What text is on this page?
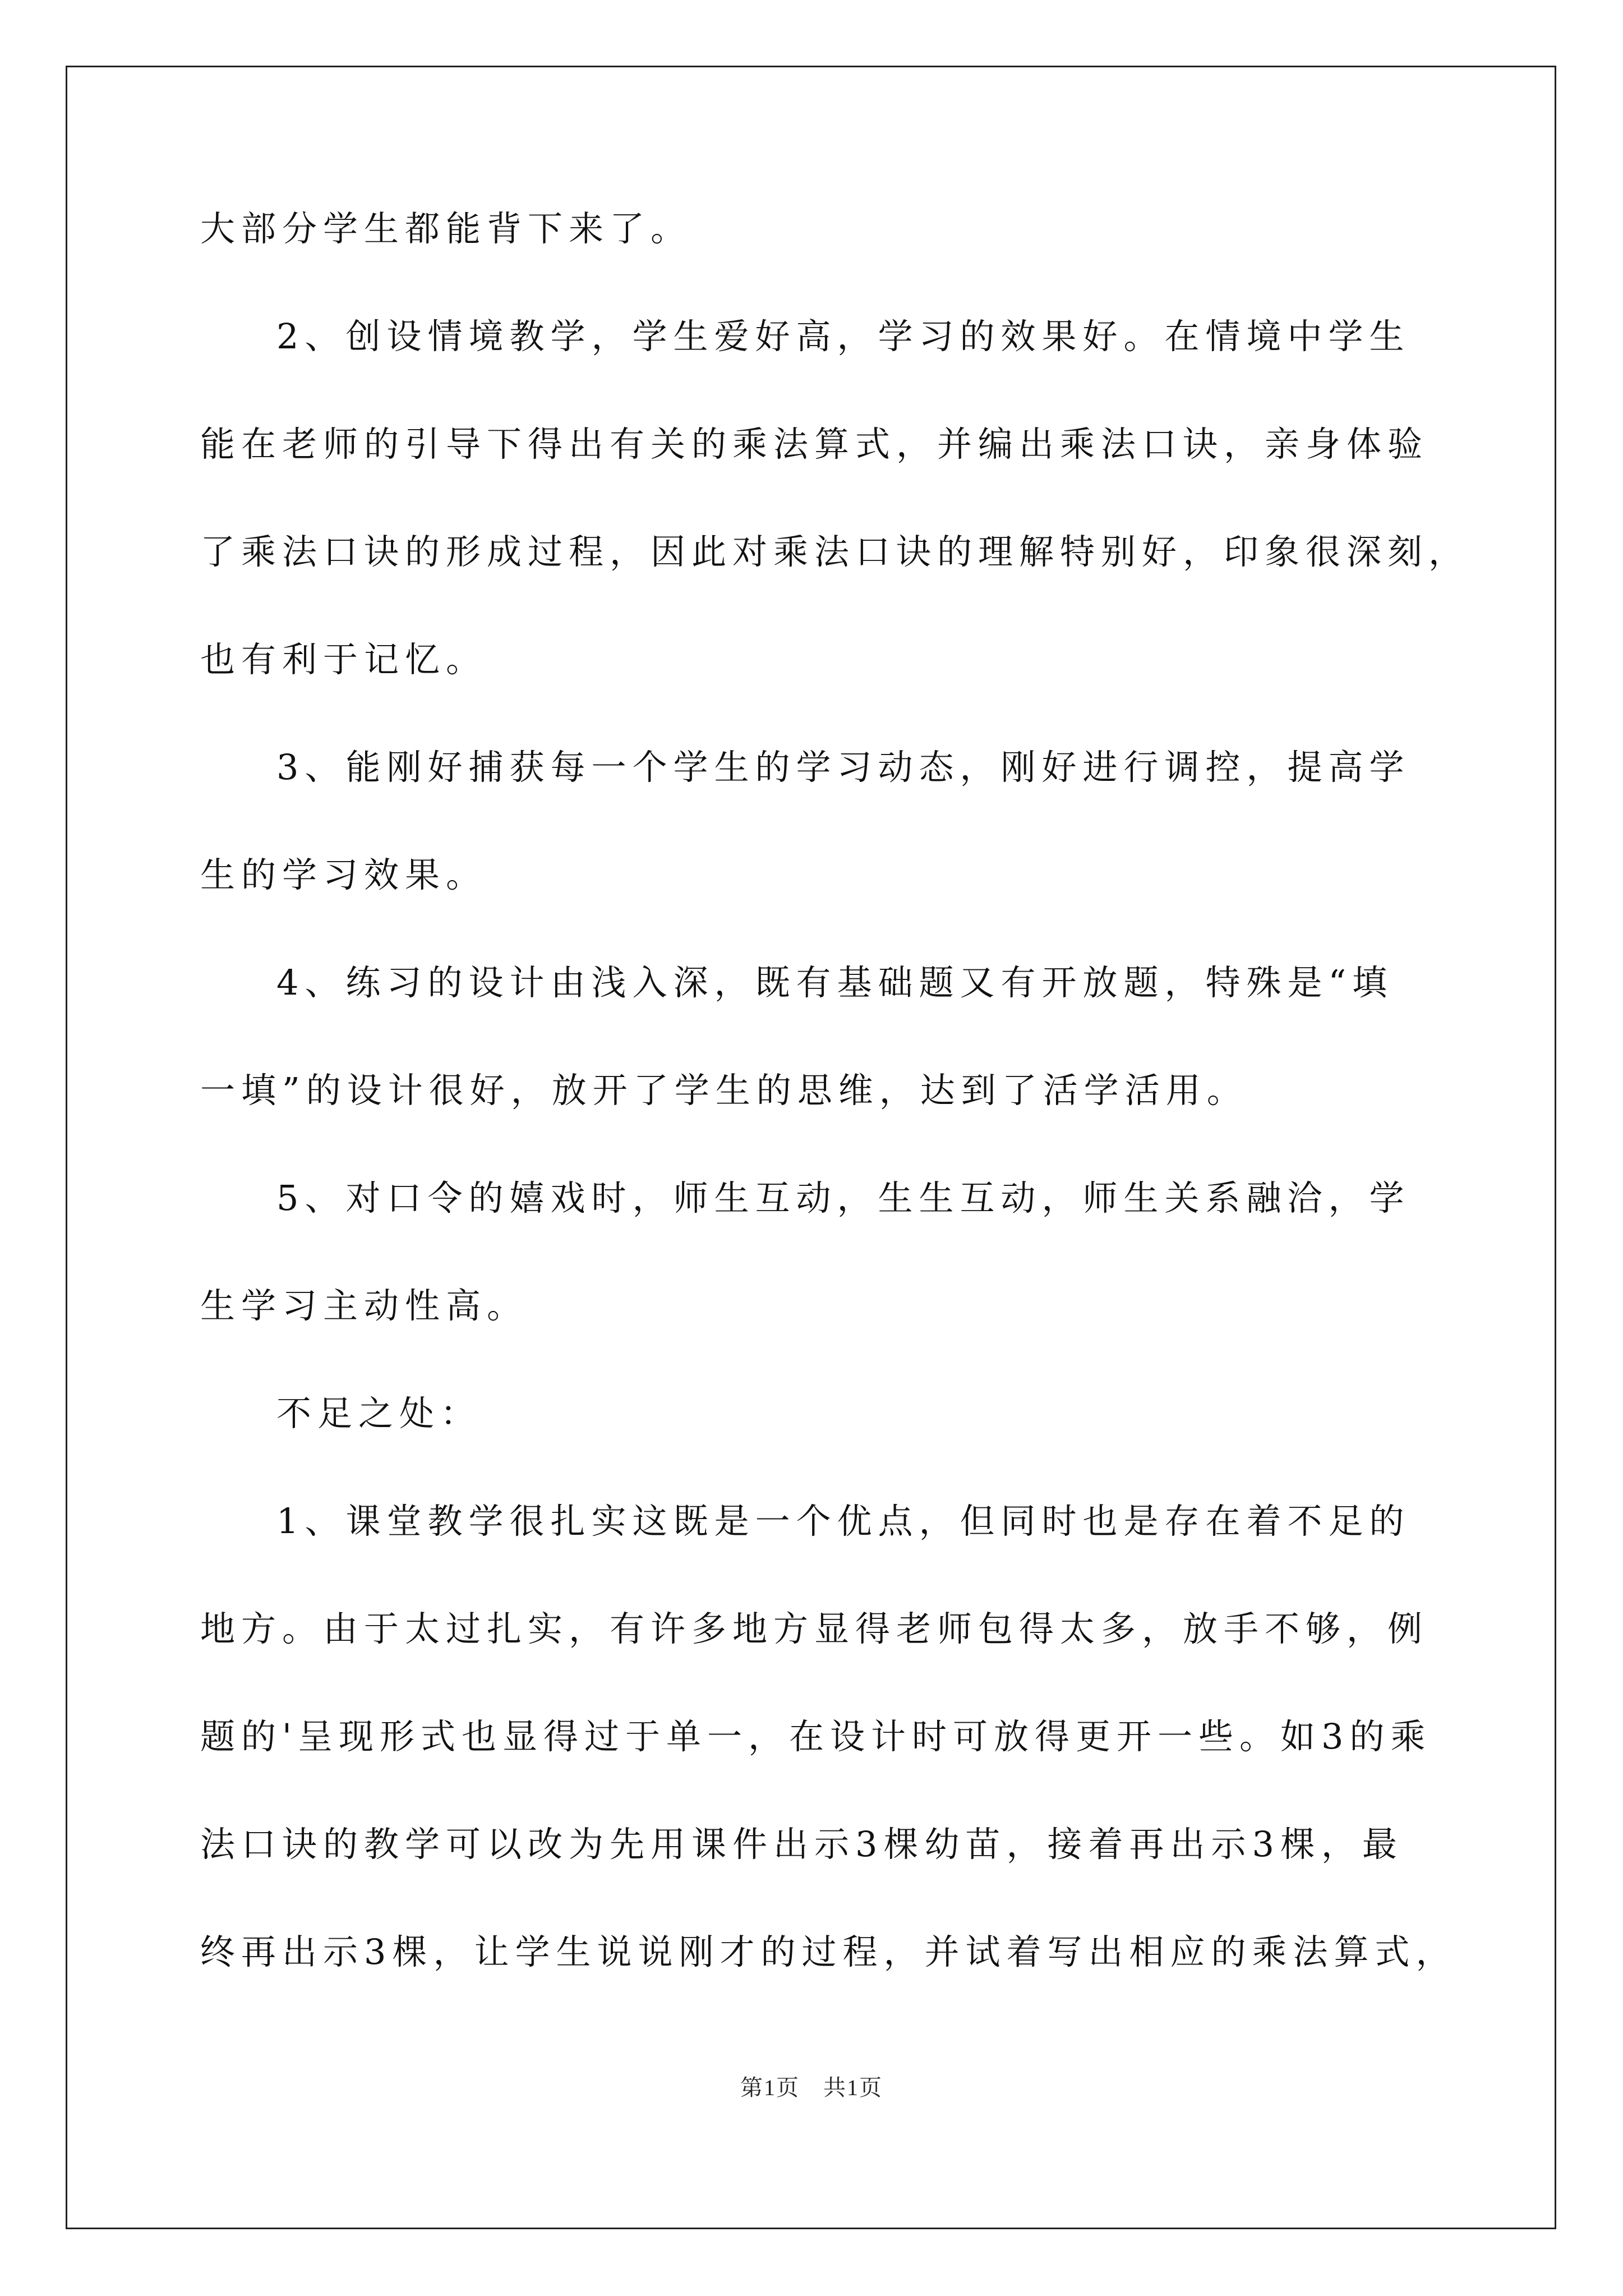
大部分学生都能背下来了。
2、创设情境教学，学生爱好高，学习的效果好。在情境中学生
能在老师的引导下得出有关的乘法算式，并编出乘法口诀，亲身体验
了乘法口诀的形成过程，因此对乘法口诀的理解特别好，印象很深刻，
也有利于记忆。
3、能刚好捕获每一个学生的学习动态，刚好进行调控，提高学
生的学习效果。
4、练习的设计由浅入深，既有基础题又有开放题，特殊是“填
一填”的设计很好，放开了学生的思维，达到了活学活用。
5、对口令的嬉戏时，师生互动，生生互动，师生关系融洽，学
生学习主动性高。
不足之处：
1、课堂教学很扎实这既是一个优点，但同时也是存在着不足的
地方。由于太过扎实，有许多地方显得老师包得太多，放手不够，例
题的'呈现形式也显得过于单一，在设计时可放得更开一些。如3的乘
法口诀的教学可以改为先用课件出示3棵幼苗，接着再出示3棵，最
终再出示3棵，让学生说说刚才的过程，并试着写出相应的乘法算式，
第1页　共1页
